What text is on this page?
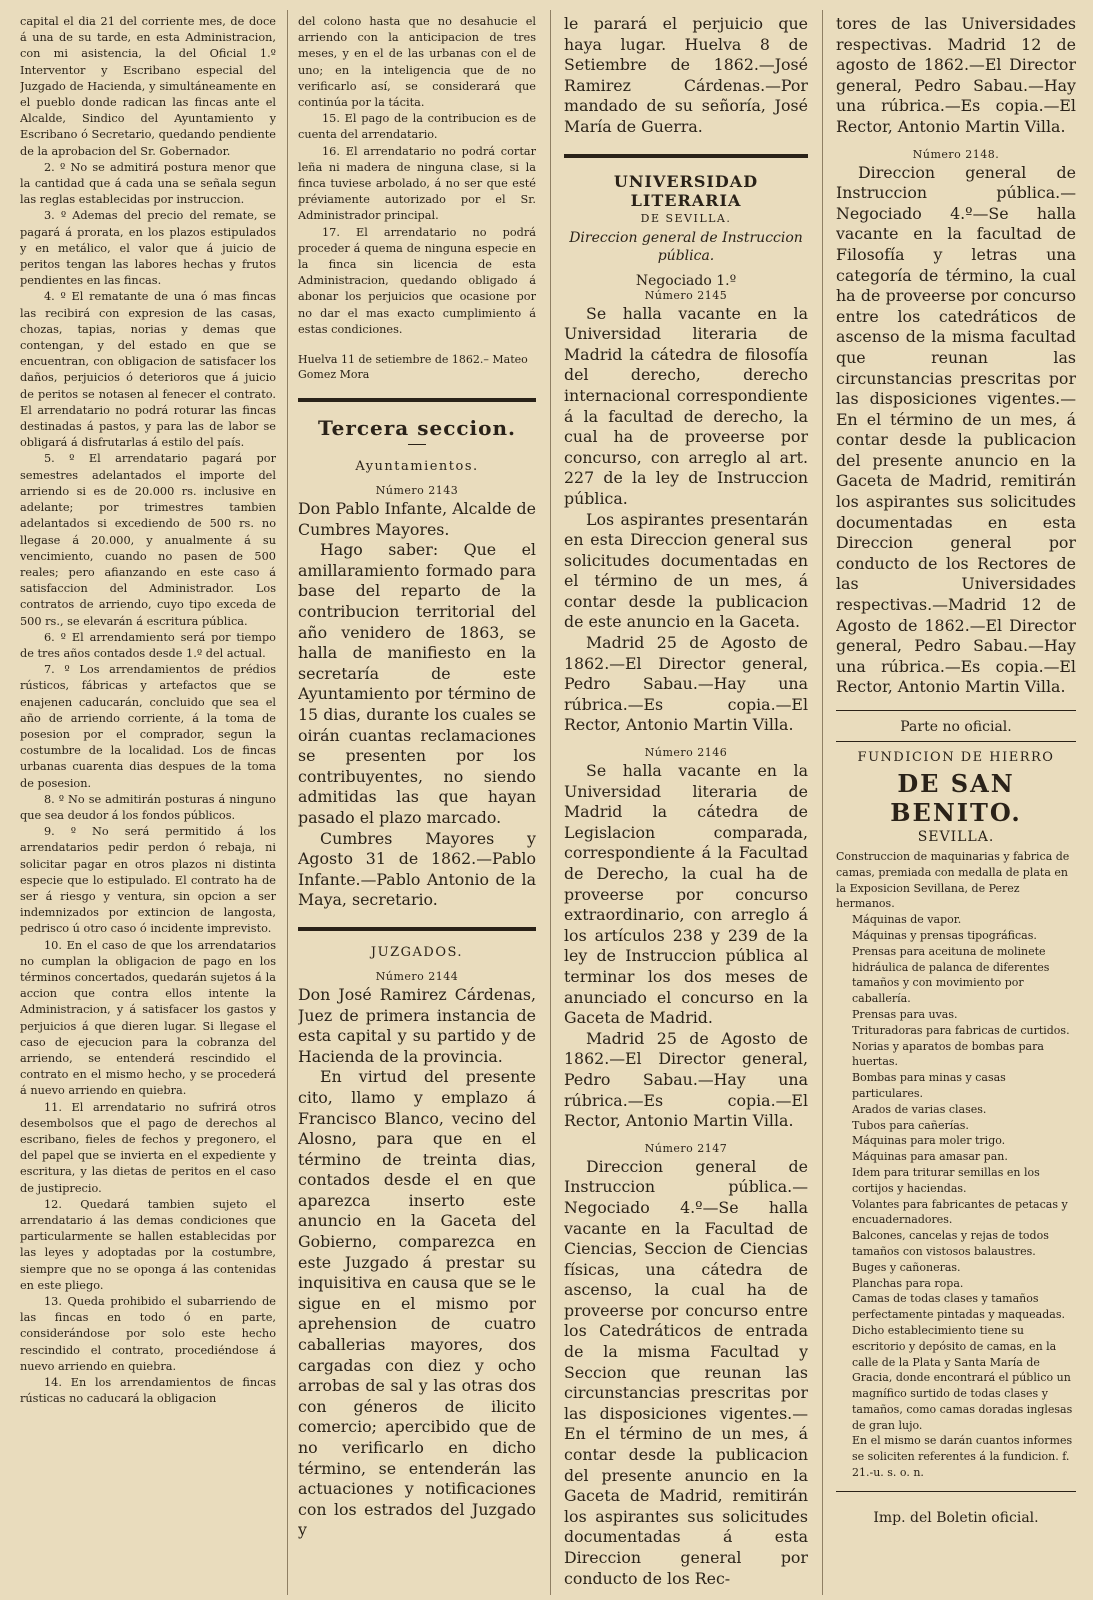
capital el dia 21 del corriente mes, de doce á una de su tarde, en esta Administracion, con mi asistencia, la del Oficial 1.º Interventor y Escribano especial del Juzgado de Hacienda, y simultáneamente en el pueblo donde radican las fincas ante el Alcalde, Sindico del Ayuntamiento y Escribano ó Secretario, quedando pendiente de la aprobacion del Sr. Gobernador.

2. º No se admitirá postura menor que la cantidad que á cada una se señala segun las reglas establecidas por instruccion.

3. º Ademas del precio del remate, se pagará á prorata, en los plazos estipulados y en metálico, el valor que á juicio de peritos tengan las labores hechas y frutos pendientes en las fincas.

4. º El rematante de una ó mas fincas las recibirá con expresion de las casas, chozas, tapias, norias y demas que contengan, y del estado en que se encuentran, con obligacion de satisfacer los daños, perjuicios ó deterioros que á juicio de peritos se notasen al fenecer el contrato. El arrendatario no podrá roturar las fincas destinadas á pastos, y para las de labor se obligará á disfrutarlas á estilo del país.

5. º El arrendatario pagará por semestres adelantados el importe del arriendo si es de 20.000 rs. inclusive en adelante; por trimestres tambien adelantados si excediendo de 500 rs. no llegase á 20.000, y anualmente á su vencimiento, cuando no pasen de 500 reales; pero afianzando en este caso á satisfaccion del Administrador. Los contratos de arriendo, cuyo tipo exceda de 500 rs., se elevarán á escritura pública.

6. º El arrendamiento será por tiempo de tres años contados desde 1.º del actual.

7. º Los arrendamientos de prédios rústicos, fábricas y artefactos que se enajenen caducarán, concluido que sea el año de arriendo corriente, á la toma de posesion por el comprador, segun la costumbre de la localidad. Los de fincas urbanas cuarenta dias despues de la toma de posesion.

8. º No se admitirán posturas á ninguno que sea deudor á los fondos públicos.

9. º No será permitido á los arrendatarios pedir perdon ó rebaja, ni solicitar pagar en otros plazos ni distinta especie que lo estipulado. El contrato ha de ser á riesgo y ventura, sin opcion a ser indemnizados por extincion de langosta, pedrisco ú otro caso ó incidente imprevisto.

10. En el caso de que los arrendatarios no cumplan la obligacion de pago en los términos concertados, quedarán sujetos á la accion que contra ellos intente la Administracion, y á satisfacer los gastos y perjuicios á que dieren lugar. Si llegase el caso de ejecucion para la cobranza del arriendo, se entenderá rescindido el contrato en el mismo hecho, y se procederá á nuevo arriendo en quiebra.

11. El arrendatario no sufrirá otros desembolsos que el pago de derechos al escribano, fieles de fechos y pregonero, el del papel que se invierta en el expediente y escritura, y las dietas de peritos en el caso de justiprecio.

12. Quedará tambien sujeto el arrendatario á las demas condiciones que particularmente se hallen establecidas por las leyes y adoptadas por la costumbre, siempre que no se oponga á las contenidas en este pliego.

13. Queda prohibido el subarriendo de las fincas en todo ó en parte, considerándose por solo este hecho rescindido el contrato, procediéndose á nuevo arriendo en quiebra.

14. En los arrendamientos de fincas rústicas no caducará la obligacion

del colono hasta que no desahucie el arriendo con la anticipacion de tres meses, y en el de las urbanas con el de uno; en la inteligencia que de no verificarlo así, se considerará que continúa por la tácita.

15. El pago de la contribucion es de cuenta del arrendatario.

16. El arrendatario no podrá cortar leña ni madera de ninguna clase, si la finca tuviese arbolado, á no ser que esté préviamente autorizado por el Sr. Administrador principal.

17. El arrendatario no podrá proceder á quema de ninguna especie en la finca sin licencia de esta Administracion, quedando obligado á abonar los perjuicios que ocasione por no dar el mas exacto cumplimiento á estas condiciones.

Huelva 11 de setiembre de 1862.– Mateo Gomez Mora
Tercera seccion.
Ayuntamientos.
Número 2143

Don Pablo Infante, Alcalde de Cumbres Mayores.

Hago saber: Que el amillaramiento formado para base del reparto de la contribucion territorial del año venidero de 1863, se halla de manifiesto en la secretaría de este Ayuntamiento por término de 15 dias, durante los cuales se oirán cuantas reclamaciones se presenten por los contribuyentes, no siendo admitidas las que hayan pasado el plazo marcado.

Cumbres Mayores y Agosto 31 de 1862.—Pablo Infante.—Pablo Antonio de la Maya, secretario.

JUZGADOS.
Número 2144

Don José Ramirez Cárdenas, Juez de primera instancia de esta capital y su partido y de Hacienda de la provincia.

En virtud del presente cito, llamo y emplazo á Francisco Blanco, vecino del Alosno, para que en el término de treinta dias, contados desde el en que aparezca inserto este anuncio en la Gaceta del Gobierno, comparezca en este Juzgado á prestar su inquisitiva en causa que se le sigue en el mismo por aprehension de cuatro caballerias mayores, dos cargadas con diez y ocho arrobas de sal y las otras dos con géneros de ilicito comercio; apercibido que de no verificarlo en dicho término, se entenderán las actuaciones y notificaciones con los estrados del Juzgado y

le parará el perjuicio que haya lugar. Huelva 8 de Setiembre de 1862.—José Ramirez Cárdenas.—Por mandado de su señoría, José María de Guerra.

UNIVERSIDAD LITERARIA
DE SEVILLA.
Direccion general de Instruccion pública.
Negociado 1.º
Número 2145

Se halla vacante en la Universidad literaria de Madrid la cátedra de filosofía del derecho, derecho internacional correspondiente á la facultad de derecho, la cual ha de proveerse por concurso, con arreglo al art. 227 de la ley de Instruccion pública.

Los aspirantes presentarán en esta Direccion general sus solicitudes documentadas en el término de un mes, á contar desde la publicacion de este anuncio en la Gaceta.

Madrid 25 de Agosto de 1862.—El Director general, Pedro Sabau.—Hay una rúbrica.—Es copia.—El Rector, Antonio Martin Villa.

Número 2146

Se halla vacante en la Universidad literaria de Madrid la cátedra de Legislacion comparada, correspondiente á la Facultad de Derecho, la cual ha de proveerse por concurso extraordinario, con arreglo á los artículos 238 y 239 de la ley de Instruccion pública al terminar los dos meses de anunciado el concurso en la Gaceta de Madrid.

Madrid 25 de Agosto de 1862.—El Director general, Pedro Sabau.—Hay una rúbrica.—Es copia.—El Rector, Antonio Martin Villa.

Número 2147

Direccion general de Instruccion pública.—Negociado 4.º—Se halla vacante en la Facultad de Ciencias, Seccion de Ciencias físicas, una cátedra de ascenso, la cual ha de proveerse por concurso entre los Catedráticos de entrada de la misma Facultad y Seccion que reunan las circunstancias prescritas por las disposiciones vigentes.—En el término de un mes, á contar desde la publicacion del presente anuncio en la Gaceta de Madrid, remitirán los aspirantes sus solicitudes documentadas á esta Direccion general por conducto de los Rec-

tores de las Universidades respectivas. Madrid 12 de agosto de 1862.—El Director general, Pedro Sabau.—Hay una rúbrica.—Es copia.—El Rector, Antonio Martin Villa.

Número 2148.

Direccion general de Instruccion pública.—Negociado 4.º—Se halla vacante en la facultad de Filosofía y letras una categoría de término, la cual ha de proveerse por concurso entre los catedráticos de ascenso de la misma facultad que reunan las circunstancias prescritas por las disposiciones vigentes.—En el término de un mes, á contar desde la publicacion del presente anuncio en la Gaceta de Madrid, remitirán los aspirantes sus solicitudes documentadas en esta Direccion general por conducto de los Rectores de las Universidades respectivas.—Madrid 12 de Agosto de 1862.—El Director general, Pedro Sabau.—Hay una rúbrica.—Es copia.—El Rector, Antonio Martin Villa.

Parte no oficial.
FUNDICION DE HIERRO
DE SAN BENITO.
SEVILLA.

Construccion de maquinarias y fabrica de camas, premiada con medalla de plata en la Exposicion Sevillana, de Perez hermanos.

Máquinas de vapor.

Máquinas y prensas tipográficas.

Prensas para aceituna de molinete hidráulica de palanca de diferentes tamaños y con movimiento por caballería.

Prensas para uvas.

Trituradoras para fabricas de curtidos.

Norias y aparatos de bombas para huertas.

Bombas para minas y casas particulares.

Arados de varias clases.

Tubos para cañerías.

Máquinas para moler trigo.

Máquinas para amasar pan.

Idem para triturar semillas en los cortijos y haciendas.

Volantes para fabricantes de petacas y encuadernadores.

Balcones, cancelas y rejas de todos tamaños con vistosos balaustres.

Buges y cañoneras.

Planchas para ropa.

Camas de todas clases y tamaños perfectamente pintadas y maqueadas.

Dicho establecimiento tiene su escritorio y depósito de camas, en la calle de la Plata y Santa María de Gracia, donde encontrará el público un magnífico surtido de todas clases y tamaños, como camas doradas inglesas de gran lujo.

En el mismo se darán cuantos informes se soliciten referentes á la fundicion. f. 21.-u. s. o. n.

Imp. del Boletin oficial.
